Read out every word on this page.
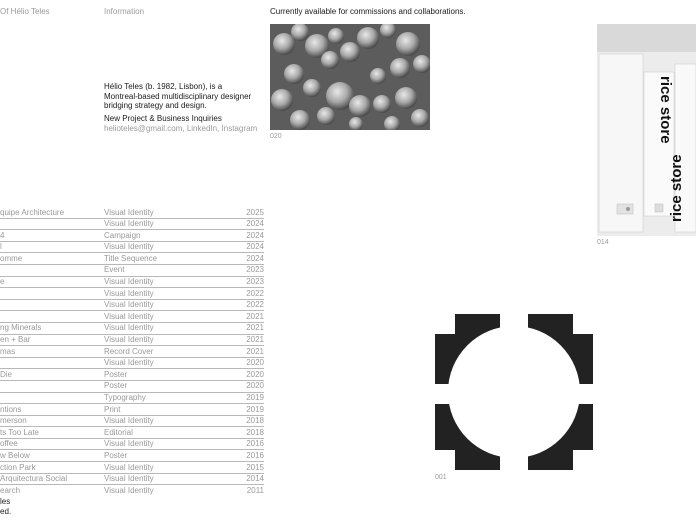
Of Hélio Teles	Information	Currently available for commissions and collaborations.

Hélio Teles (b. 1982, Lisbon), is a Montreal-based multidisciplinary designer bridging strategy and design.

New Project & Business Inquiries
helioteles@gmail.com, LinkedIn, Instagram
quipe Architecture	Visual Identity	2025
Visual Identity	2024
4	Campaign	2024
l	Visual Identity	2024
omme	Title Sequence	2024
Event	2023
e	Visual Identity	2023
Visual Identity	2022
Visual Identity	2022
Visual Identity	2021
ng Minerals	Visual Identity	2021
en + Bar	Visual Identity	2021
mas	Record Cover	2021
Visual Identity	2020
Die	Poster	2020
Poster	2020
Typography	2019
ntions	Print	2019
merson	Visual Identity	2018
ts Too Late	Editorial	2018
offee	Visual Identity	2016
w Below	Poster	2016
ction Park	Visual Identity	2015
Arquitectura Social	Visual Identity	2014
earch	Visual Identity	2011
020	rice store
rice store
014
001
les
ed.
